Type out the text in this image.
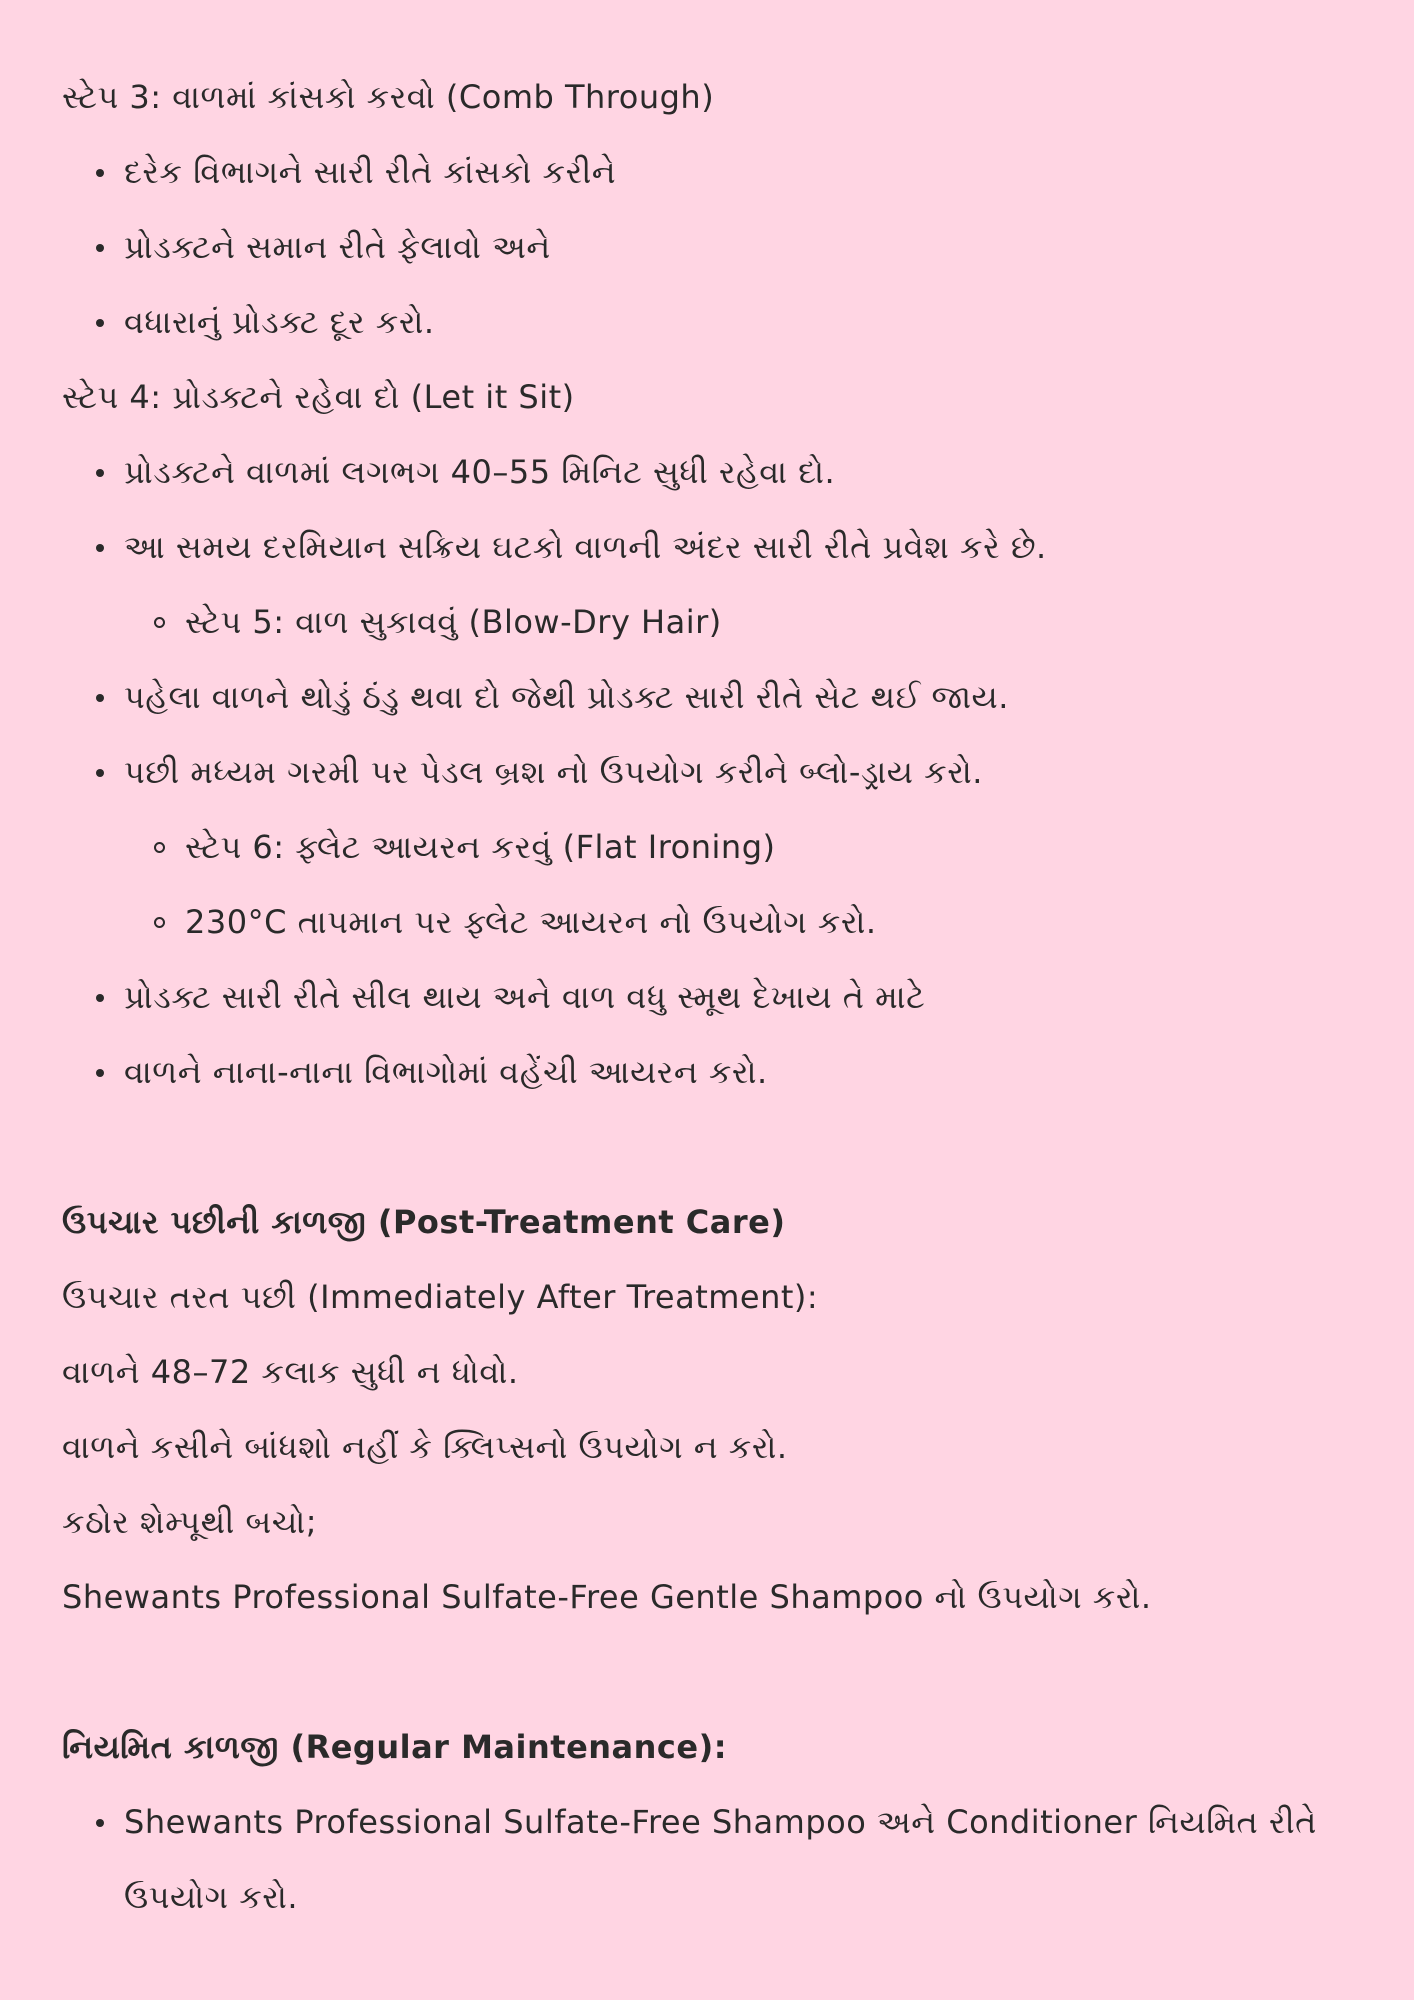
સ્ટેપ 3: વાળમાં કાંસકો કરવો (Comb Through)

દરેક વિભાગને સારી રીતે કાંસકો કરીને
પ્રોડક્ટને સમાન રીતે ફેલાવો અને
વધારાનું પ્રોડક્ટ દૂર કરો.

સ્ટેપ 4: પ્રોડક્ટને રહેવા દો (Let it Sit)

પ્રોડક્ટને વાળમાં લગભગ 40–55 મિનિટ સુધી રહેવા દો.
આ સમય દરમિયાન સક્રિય ઘટકો વાળની અંદર સારી રીતે પ્રવેશ કરે છે.
સ્ટેપ 5: વાળ સુકાવવું (Blow-Dry Hair)
પહેલા વાળને થોડું ઠંડુ થવા દો જેથી પ્રોડક્ટ સારી રીતે સેટ થઈ જાય.
પછી મધ્યમ ગરમી પર પેડલ બ્રશ નો ઉપયોગ કરીને બ્લો-ડ્રાય કરો.
સ્ટેપ 6: ફ્લેટ આયરન કરવું (Flat Ironing)
230°C તાપમાન પર ફ્લેટ આયરન નો ઉપયોગ કરો.
પ્રોડક્ટ સારી રીતે સીલ થાય અને વાળ વધુ સ્મૂથ દેખાય તે માટે
વાળને નાના-નાના વિભાગોમાં વહેંચી આયરન કરો.

ઉપચાર પછીની કાળજી (Post-Treatment Care)

ઉપચાર તરત પછી (Immediately After Treatment):

વાળને 48–72 કલાક સુધી ન ધોવો.

વાળને કસીને બાંધશો નહીં કે ક્લિપ્સનો ઉપયોગ ન કરો.

કઠોર શેમ્પૂથી બચો;

Shewants Professional Sulfate-Free Gentle Shampoo નો ઉપયોગ કરો.

નિયમિત કાળજી (Regular Maintenance):

Shewants Professional Sulfate-Free Shampoo અને Conditioner નિયમિત રીતે ઉપયોગ કરો.
